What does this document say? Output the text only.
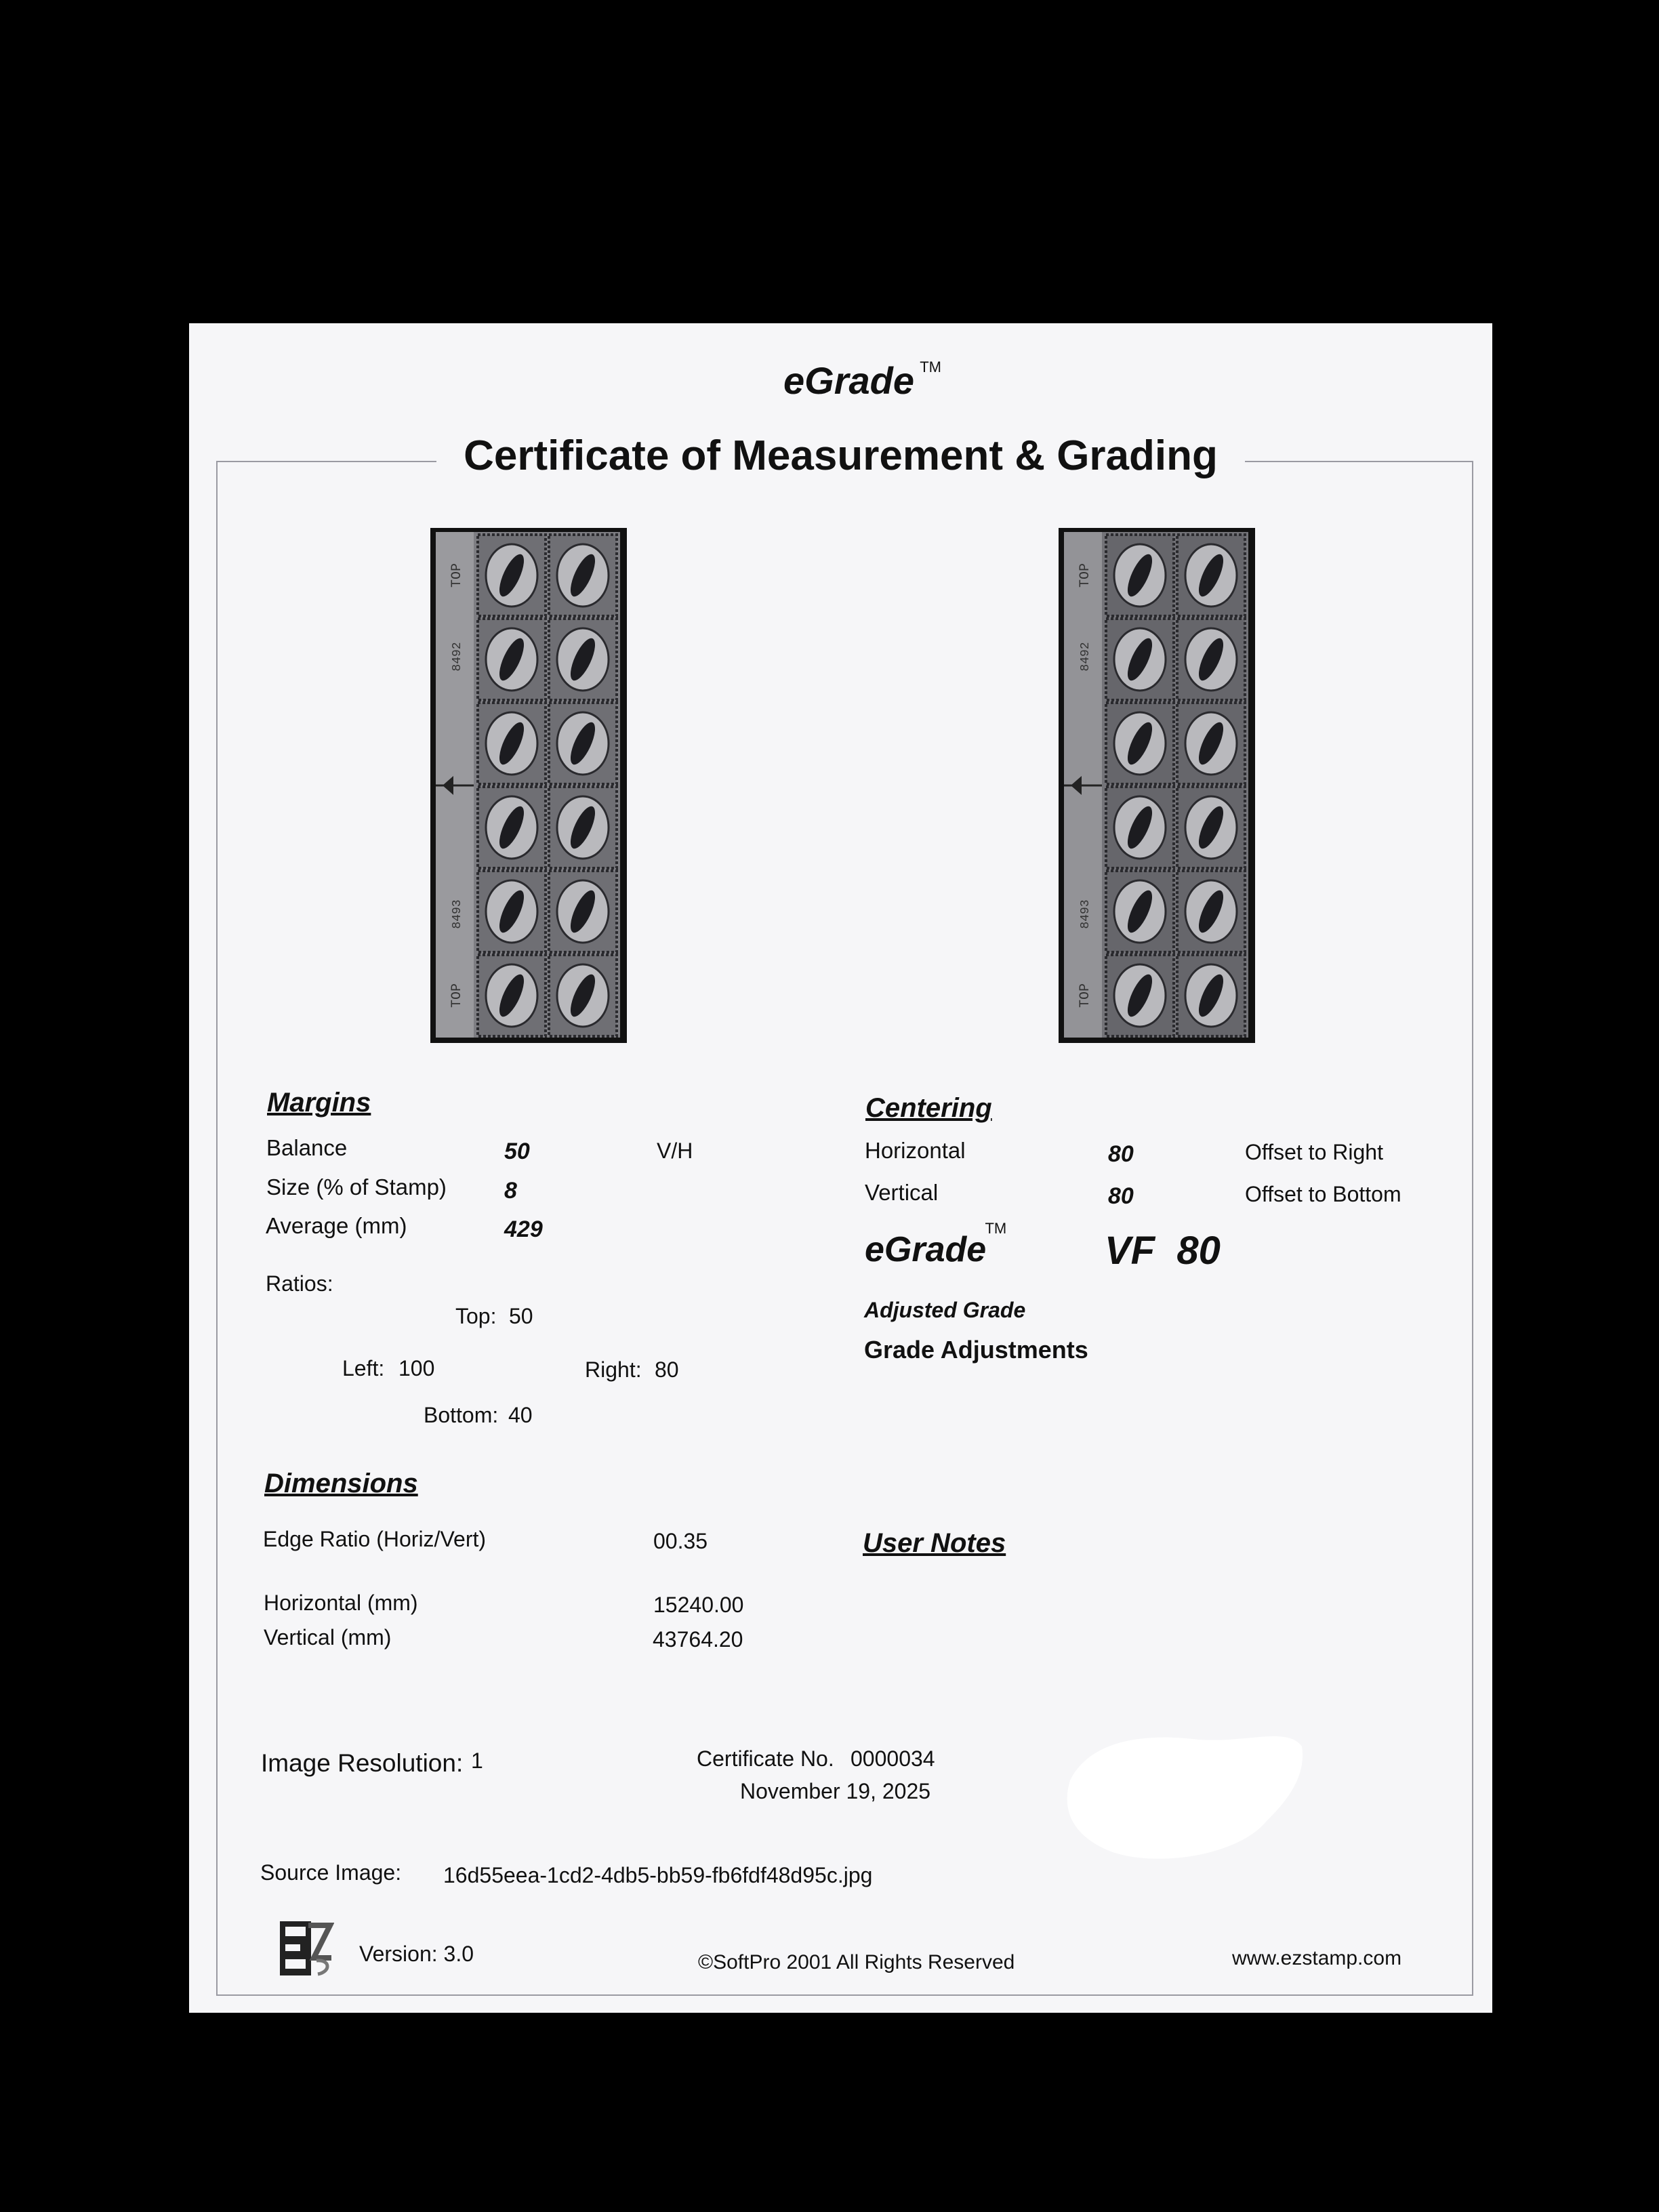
eGrade TM
Certificate of Measurement & Grading
TOP
8492
8493
TOP
TOP
8492
8493
TOP
Margins
Balance	50	V/H
Size (% of Stamp)	8
Average (mm)	429
Ratios:
Top: 50
Left: 100	Right: 80
Bottom: 40
Centering
Horizontal	80	Offset to Right
Vertical	80	Offset to Bottom
eGrade
TM
VF  80
Adjusted Grade
Grade Adjustments
Dimensions
Edge Ratio (Horiz/Vert)	00.35
Horizontal (mm)	15240.00
Vertical (mm)	43764.20
User Notes
Image Resolution: 1	Certificate No. 0000034
November 19, 2025
Source Image: 16d55eea-1cd2-4db5-bb59-fb6fdf48d95c.jpg
Version: 3.0	©SoftPro 2001 All Rights Reserved	www.ezstamp.com
